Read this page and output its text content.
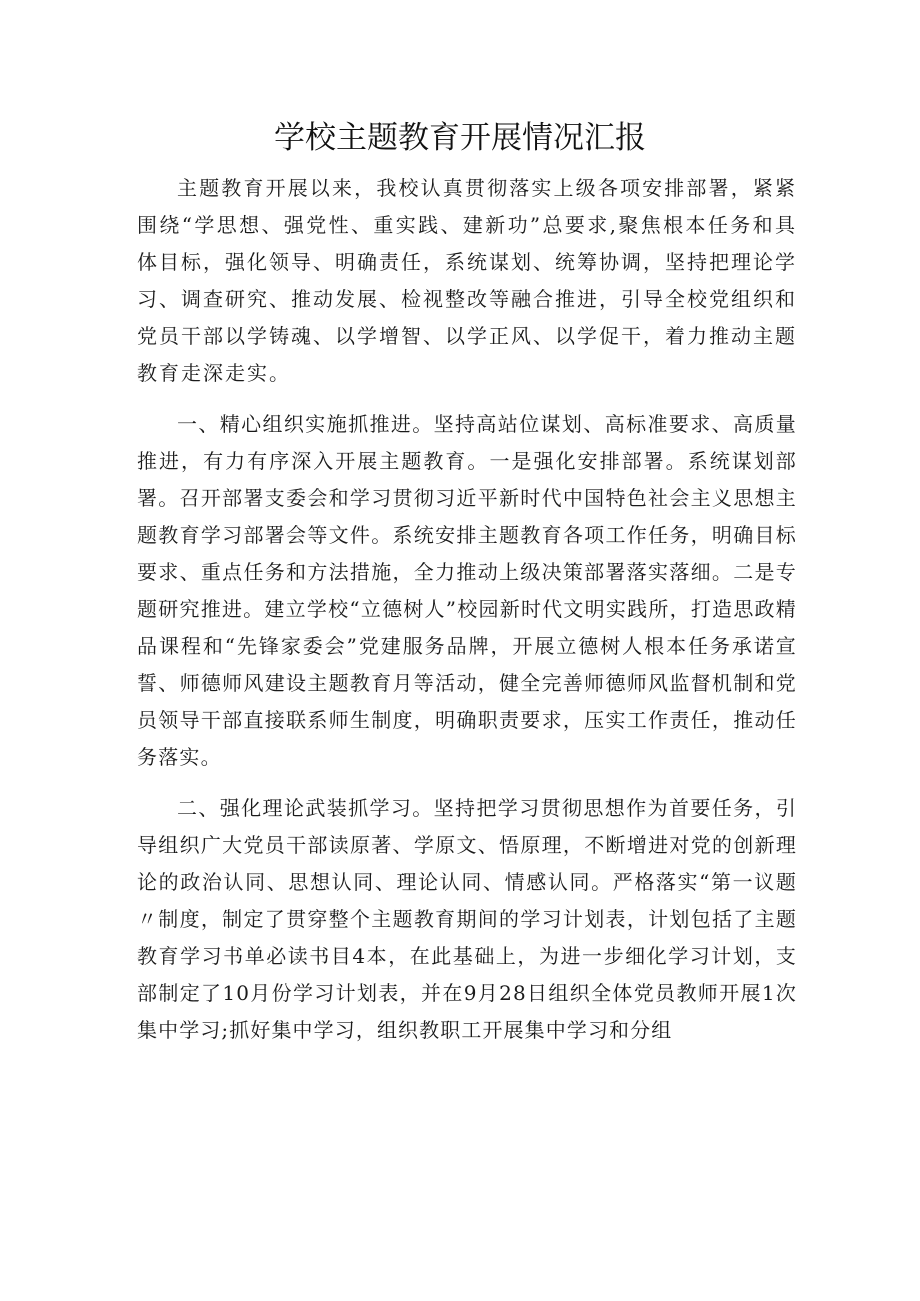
学校主题教育开展情况汇报

主题教育开展以来，我校认真贯彻落实上级各项安排部署，紧紧围绕“学思想、强党性、重实践、建新功”总要求,聚焦根本任务和具体目标，强化领导、明确责任，系统谋划、统筹协调，坚持把理论学习、调查研究、推动发展、检视整改等融合推进，引导全校党组织和党员干部以学铸魂、以学增智、以学正风、以学促干，着力推动主题教育走深走实。

一、精心组织实施抓推进。坚持高站位谋划、高标准要求、高质量推进，有力有序深入开展主题教育。一是强化安排部署。系统谋划部署。召开部署支委会和学习贯彻习近平新时代中国特色社会主义思想主题教育学习部署会等文件。系统安排主题教育各项工作任务，明确目标要求、重点任务和方法措施，全力推动上级决策部署落实落细。二是专题研究推进。建立学校“立德树人”校园新时代文明实践所，打造思政精品课程和“先锋家委会”党建服务品牌，开展立德树人根本任务承诺宣誓、师德师风建设主题教育月等活动，健全完善师德师风监督机制和党员领导干部直接联系师生制度，明确职责要求，压实工作责任，推动任务落实。

二、强化理论武装抓学习。坚持把学习贯彻思想作为首要任务，引导组织广大党员干部读原著、学原文、悟原理，不断增进对党的创新理论的政治认同、思想认同、理论认同、情感认同。严格落实“第一议题〃制度，制定了贯穿整个主题教育期间的学习计划表，计划包括了主题教育学习书单必读书目4本，在此基础上，为进一步细化学习计划，支部制定了10月份学习计划表，并在9月28日组织全体党员教师开展1次集中学习;抓好集中学习，组织教职工开展集中学习和分组
